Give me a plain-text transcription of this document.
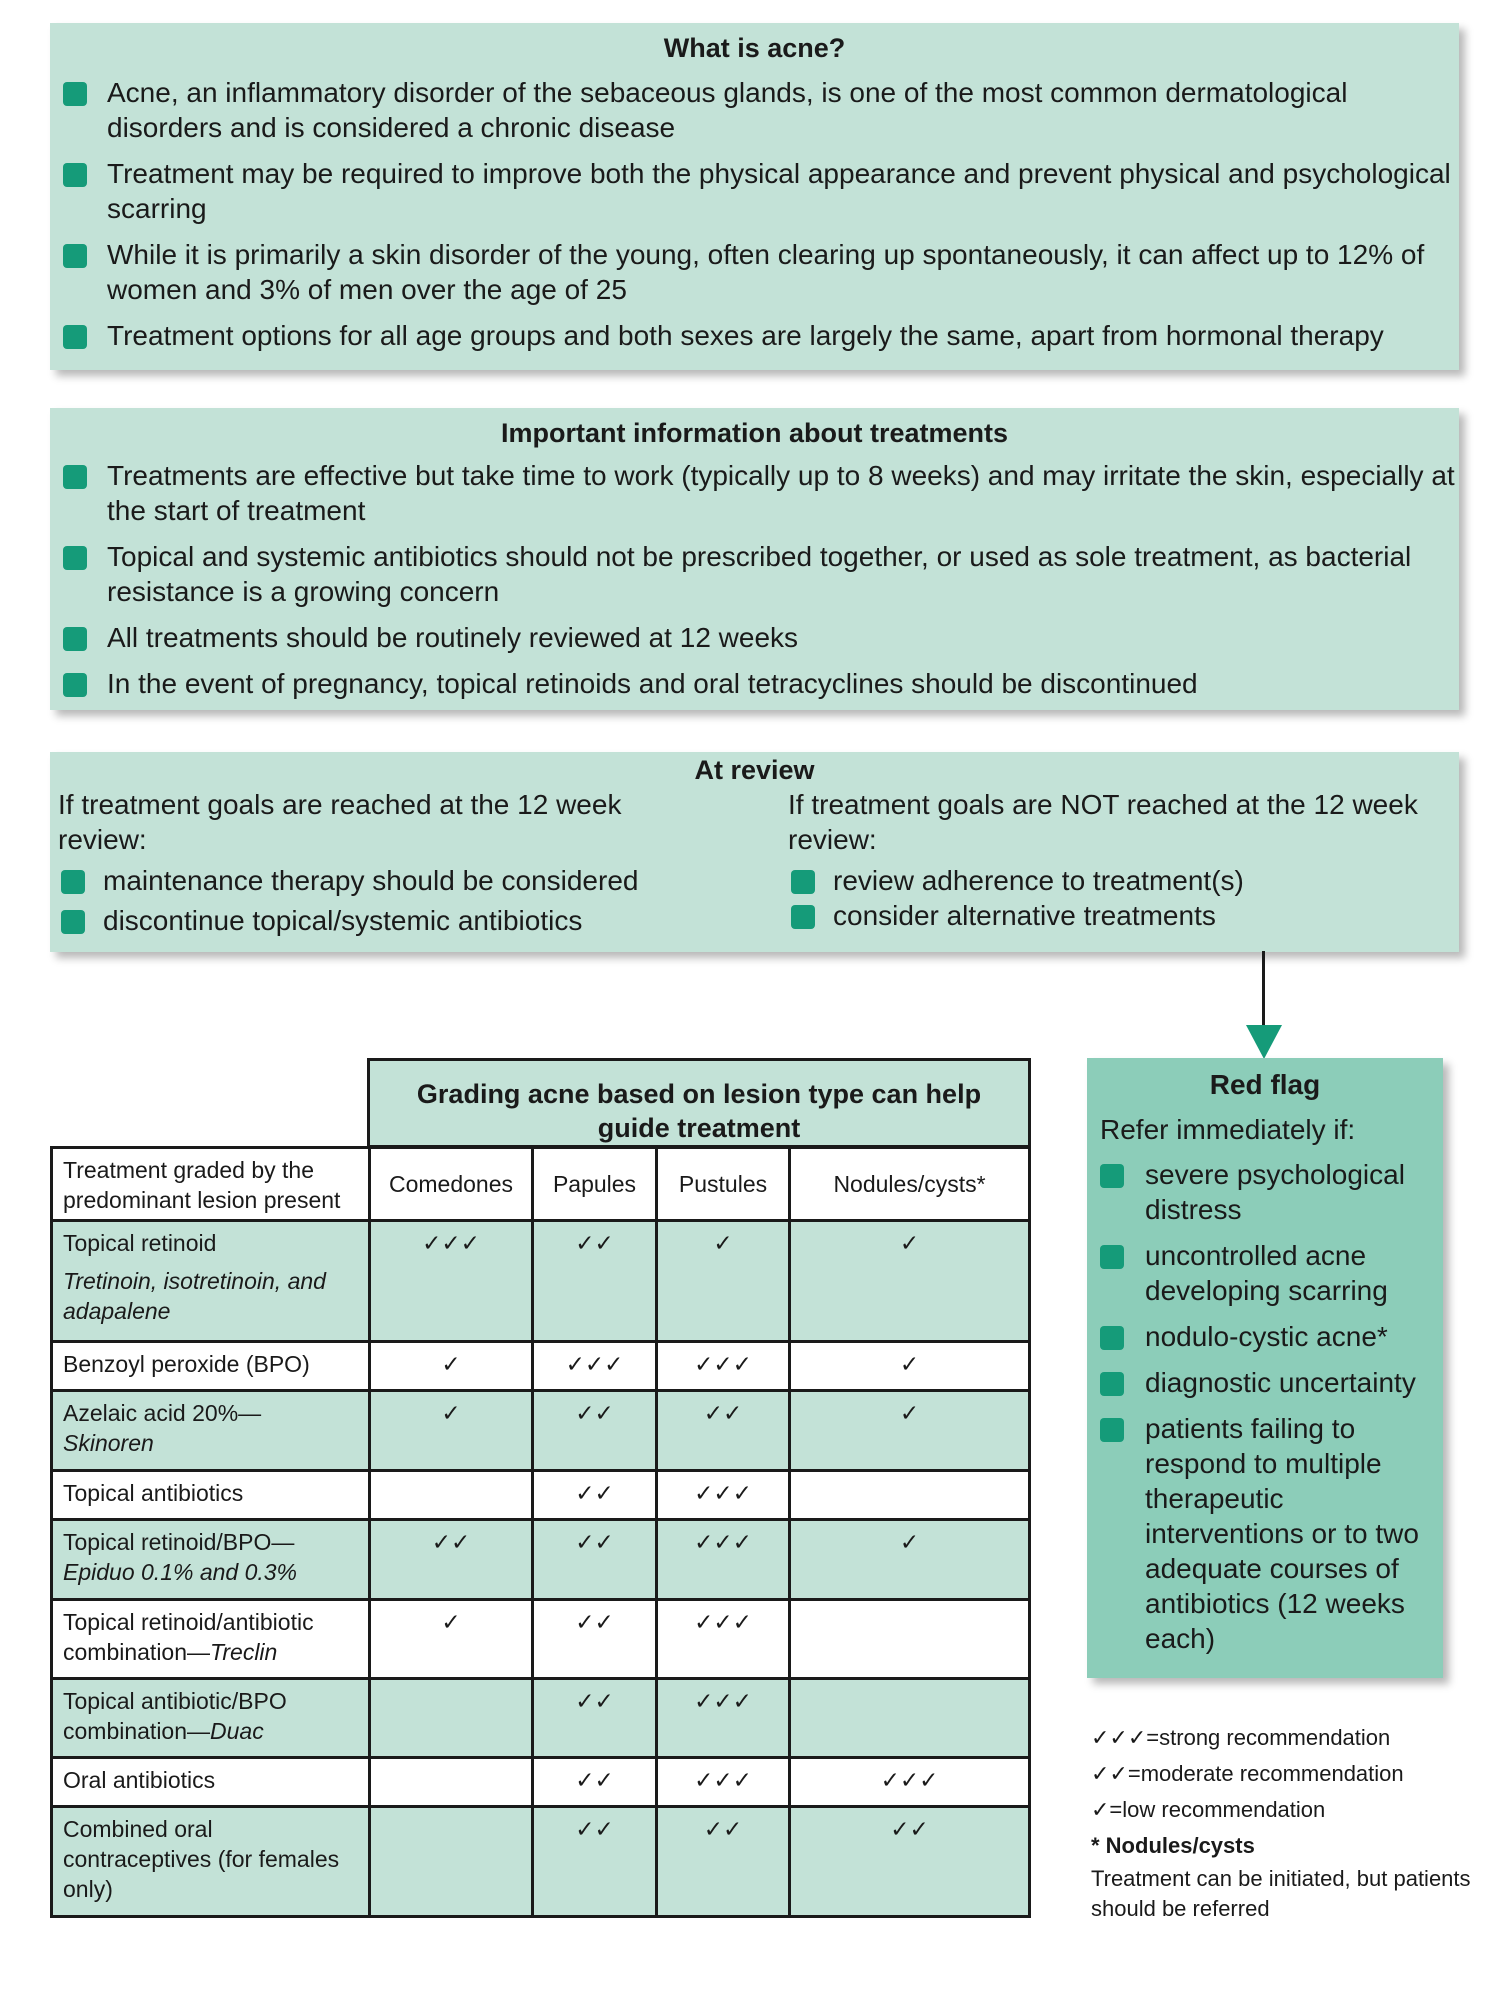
What is acne?
Acne, an inflammatory disorder of the sebaceous glands, is one of the most common dermatological disorders and is considered a chronic disease
Treatment may be required to improve both the physical appearance and prevent physical and psychological scarring
While it is primarily a skin disorder of the young, often clearing up spontaneously, it can affect up to 12% of women and 3% of men over the age of 25
Treatment options for all age groups and both sexes are largely the same, apart from hormonal therapy
Important information about treatments
Treatments are effective but take time to work (typically up to 8 weeks) and may irritate the skin, especially at the start of treatment
Topical and systemic antibiotics should not be prescribed together, or used as sole treatment, as bacterial resistance is a growing concern
All treatments should be routinely reviewed at 12 weeks
In the event of pregnancy, topical retinoids and oral tetracyclines should be discontinued
At review
If treatment goals are reached at the 12 week review:
maintenance therapy should be considered
discontinue topical/systemic antibiotics
If treatment goals are NOT reached at the 12 week review:
review adherence to treatment(s)
consider alternative treatments
Red flag
Refer immediately if:
severe psychological distress
uncontrolled acne developing scarring
nodulo-cystic acne*
diagnostic uncertainty
patients failing to respond to multiple therapeutic interventions or to two adequate courses of antibiotics (12 weeks each)
✓✓✓=strong recommendation
✓✓=moderate recommendation
✓=low recommendation
* Nodules/cysts
Treatment can be initiated, but patients should be referred
Grading acne based on lesion type can help guide treatment
Treatment graded by the predominant lesion present	Comedones	Papules	Pustules	Nodules/cysts*

Topical retinoid
Tretinoin, isotretinoin, and adapalene	✓✓✓	✓✓	✓	✓
Benzoyl peroxide (BPO)	✓	✓✓✓	✓✓✓	✓
Azelaic acid 20%—
Skinoren	✓	✓✓	✓✓	✓
Topical antibiotics		✓✓	✓✓✓	
Topical retinoid/BPO—
Epiduo 0.1% and 0.3%	✓✓	✓✓	✓✓✓	✓
Topical retinoid/antibiotic combination—Treclin	✓	✓✓	✓✓✓	
Topical antibiotic/BPO combination—Duac		✓✓	✓✓✓	
Oral antibiotics		✓✓	✓✓✓	✓✓✓
Combined oral contraceptives (for females only)		✓✓	✓✓	✓✓
